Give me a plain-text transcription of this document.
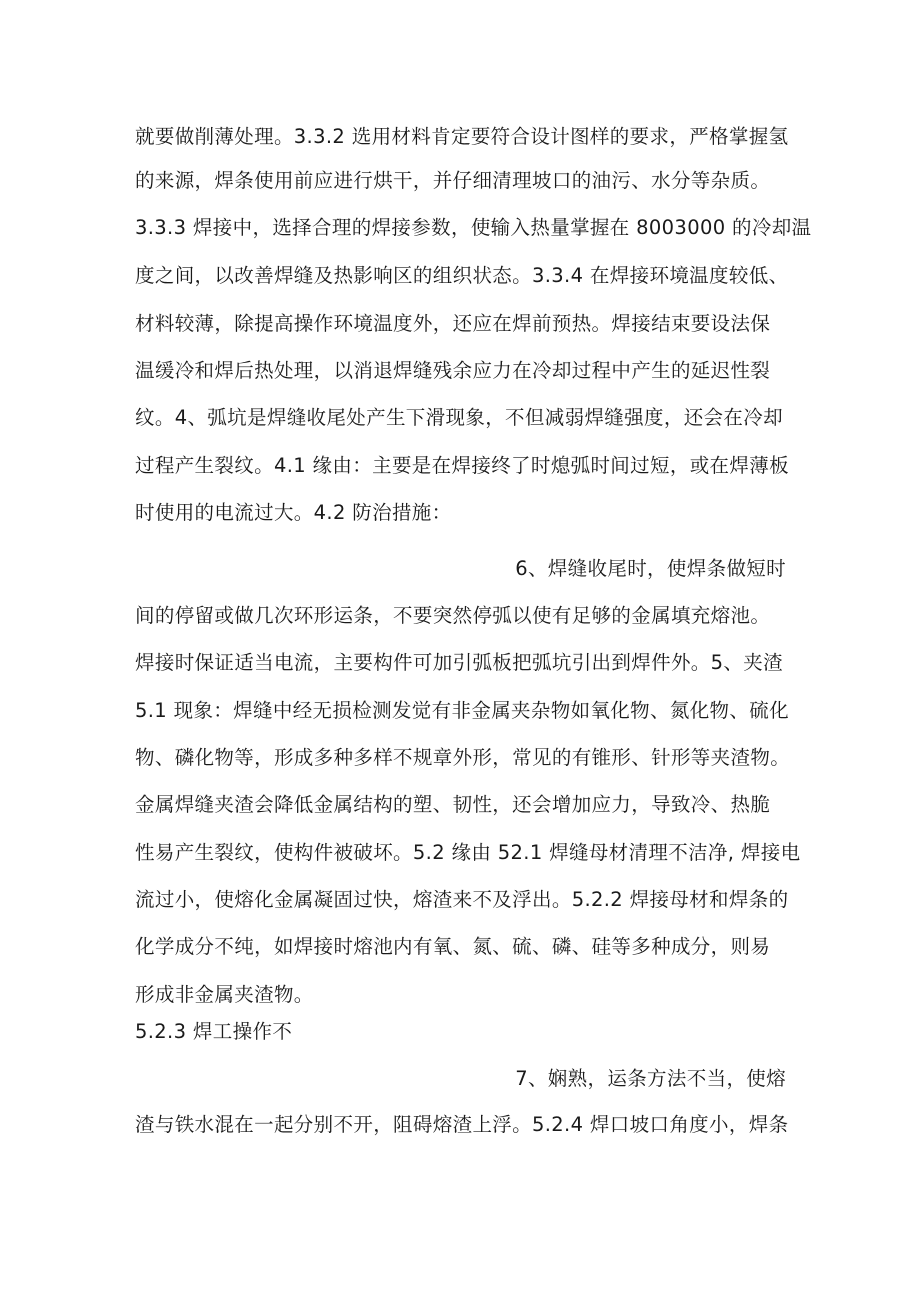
就要做削薄处理。3.3.2 选用材料肯定要符合设计图样的要求，严格掌握氢
的来源，焊条使用前应进行烘干，并仔细清理坡口的油污、水分等杂质。
3.3.3 焊接中，选择合理的焊接参数，使输入热量掌握在 8003000 的冷却温
度之间，以改善焊缝及热影响区的组织状态。3.3.4 在焊接环境温度较低、
材料较薄，除提高操作环境温度外，还应在焊前预热。焊接结束要设法保
温缓冷和焊后热处理，以消退焊缝残余应力在冷却过程中产生的延迟性裂
纹。4、弧坑是焊缝收尾处产生下滑现象，不但减弱焊缝强度，还会在冷却
过程产生裂纹。4.1 缘由：主要是在焊接终了时熄弧时间过短，或在焊薄板
时使用的电流过大。4.2 防治措施：
6、焊缝收尾时，使焊条做短时
间的停留或做几次环形运条，不要突然停弧以使有足够的金属填充熔池。
焊接时保证适当电流，主要构件可加引弧板把弧坑引出到焊件外。5、夹渣
5.1 现象：焊缝中经无损检测发觉有非金属夹杂物如氧化物、氮化物、硫化
物、磷化物等，形成多种多样不规章外形，常见的有锥形、针形等夹渣物。
金属焊缝夹渣会降低金属结构的塑、韧性，还会增加应力，导致冷、热脆
性易产生裂纹，使构件被破坏。5.2 缘由 52.1 焊缝母材清理不洁净, 焊接电
流过小，使熔化金属凝固过快，熔渣来不及浮出。5.2.2 焊接母材和焊条的
化学成分不纯，如焊接时熔池内有氧、氮、硫、磷、硅等多种成分，则易
形成非金属夹渣物。
5.2.3 焊工操作不
7、娴熟，运条方法不当，使熔
渣与铁水混在一起分别不开，阻碍熔渣上浮。5.2.4 焊口坡口角度小，焊条
